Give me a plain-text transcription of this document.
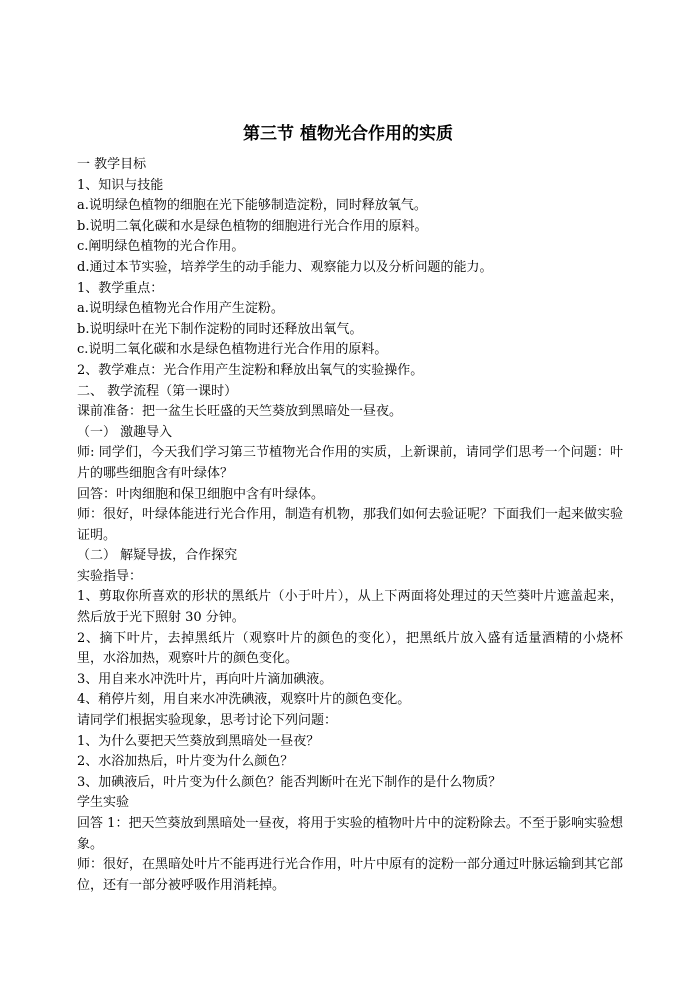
第三节 植物光合作用的实质

一 教学目标

1、知识与技能

a.说明绿色植物的细胞在光下能够制造淀粉，同时释放氧气。

b.说明二氧化碳和水是绿色植物的细胞进行光合作用的原料。

c.阐明绿色植物的光合作用。

d.通过本节实验，培养学生的动手能力、观察能力以及分析问题的能力。

1、教学重点：

a.说明绿色植物光合作用产生淀粉。

b.说明绿叶在光下制作淀粉的同时还释放出氧气。

c.说明二氧化碳和水是绿色植物进行光合作用的原料。

2、教学难点：光合作用产生淀粉和释放出氧气的实验操作。

二、 教学流程（第一课时）

课前准备：把一盆生长旺盛的天竺葵放到黑暗处一昼夜。

（一） 激趣导入

师: 同学们，今天我们学习第三节植物光合作用的实质，上新课前，请同学们思考一个问题：叶片的哪些细胞含有叶绿体？

回答：叶肉细胞和保卫细胞中含有叶绿体。

师：很好，叶绿体能进行光合作用，制造有机物，那我们如何去验证呢？下面我们一起来做实验证明。

（二） 解疑导拔，合作探究

实验指导：

1、剪取你所喜欢的形状的黑纸片（小于叶片），从上下两面将处理过的天竺葵叶片遮盖起来，然后放于光下照射 30 分钟。

2、摘下叶片，去掉黑纸片（观察叶片的颜色的变化），把黑纸片放入盛有适量酒精的小烧杯里，水浴加热，观察叶片的颜色变化。

3、用自来水冲洗叶片，再向叶片滴加碘液。

4、稍停片刻，用自来水冲洗碘液，观察叶片的颜色变化。

请同学们根据实验现象，思考讨论下列问题：

1、为什么要把天竺葵放到黑暗处一昼夜？

2、水浴加热后，叶片变为什么颜色？

3、加碘液后，叶片变为什么颜色？能否判断叶在光下制作的是什么物质？

学生实验

回答 1：把天竺葵放到黑暗处一昼夜，将用于实验的植物叶片中的淀粉除去。不至于影响实验想象。

师：很好，在黑暗处叶片不能再进行光合作用，叶片中原有的淀粉一部分通过叶脉运输到其它部位，还有一部分被呼吸作用消耗掉。
